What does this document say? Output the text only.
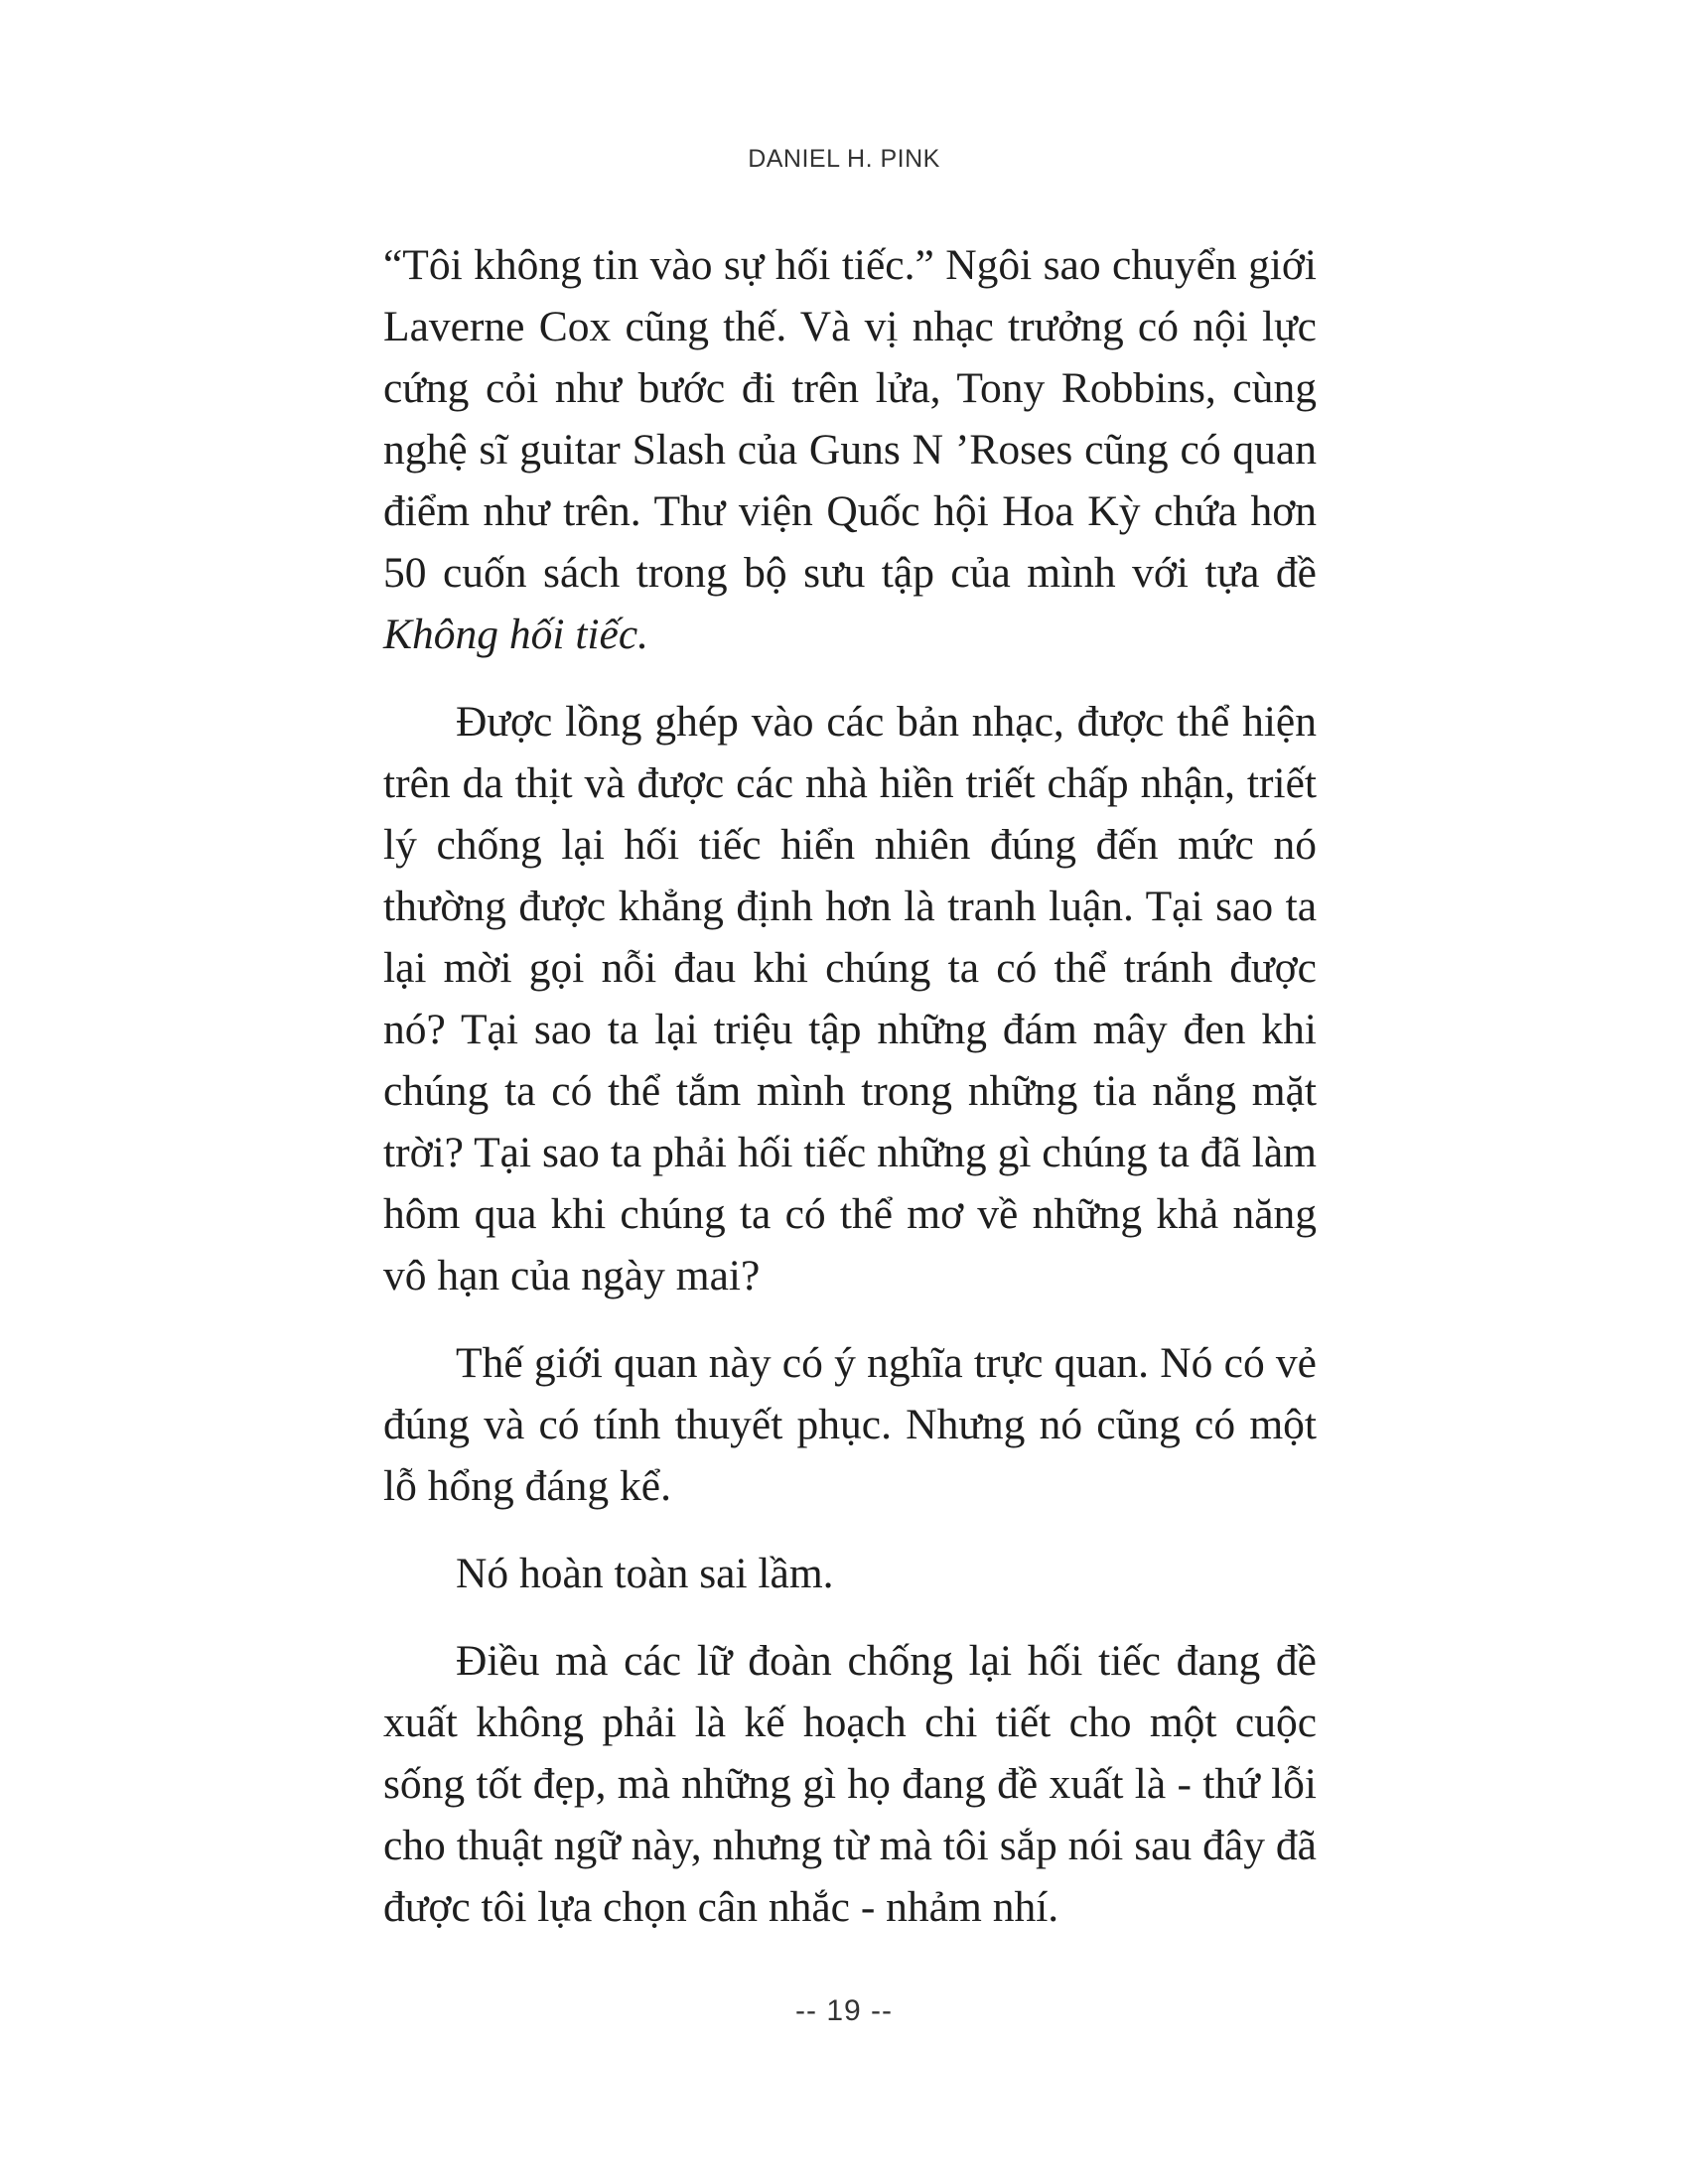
DANIEL H. PINK

“Tôi không tin vào sự hối tiếc.” Ngôi sao chuyển giới Laverne Cox cũng thế. Và vị nhạc trưởng có nội lực cứng cỏi như bước đi trên lửa, Tony Robbins, cùng nghệ sĩ guitar Slash của Guns N ’Roses cũng có quan điểm như trên. Thư viện Quốc hội Hoa Kỳ chứa hơn 50 cuốn sách trong bộ sưu tập của mình với tựa đề Không hối tiếc.

Được lồng ghép vào các bản nhạc, được thể hiện trên da thịt và được các nhà hiền triết chấp nhận, triết lý chống lại hối tiếc hiển nhiên đúng đến mức nó thường được khẳng định hơn là tranh luận. Tại sao ta lại mời gọi nỗi đau khi chúng ta có thể tránh được nó? Tại sao ta lại triệu tập những đám mây đen khi chúng ta có thể tắm mình trong những tia nắng mặt trời? Tại sao ta phải hối tiếc những gì chúng ta đã làm hôm qua khi chúng ta có thể mơ về những khả năng vô hạn của ngày mai?

Thế giới quan này có ý nghĩa trực quan. Nó có vẻ đúng và có tính thuyết phục. Nhưng nó cũng có một lỗ hổng đáng kể.

Nó hoàn toàn sai lầm.

Điều mà các lữ đoàn chống lại hối tiếc đang đề xuất không phải là kế hoạch chi tiết cho một cuộc sống tốt đẹp, mà những gì họ đang đề xuất là - thứ lỗi cho thuật ngữ này, nhưng từ mà tôi sắp nói sau đây đã được tôi lựa chọn cân nhắc - nhảm nhí.

-- 19 --
